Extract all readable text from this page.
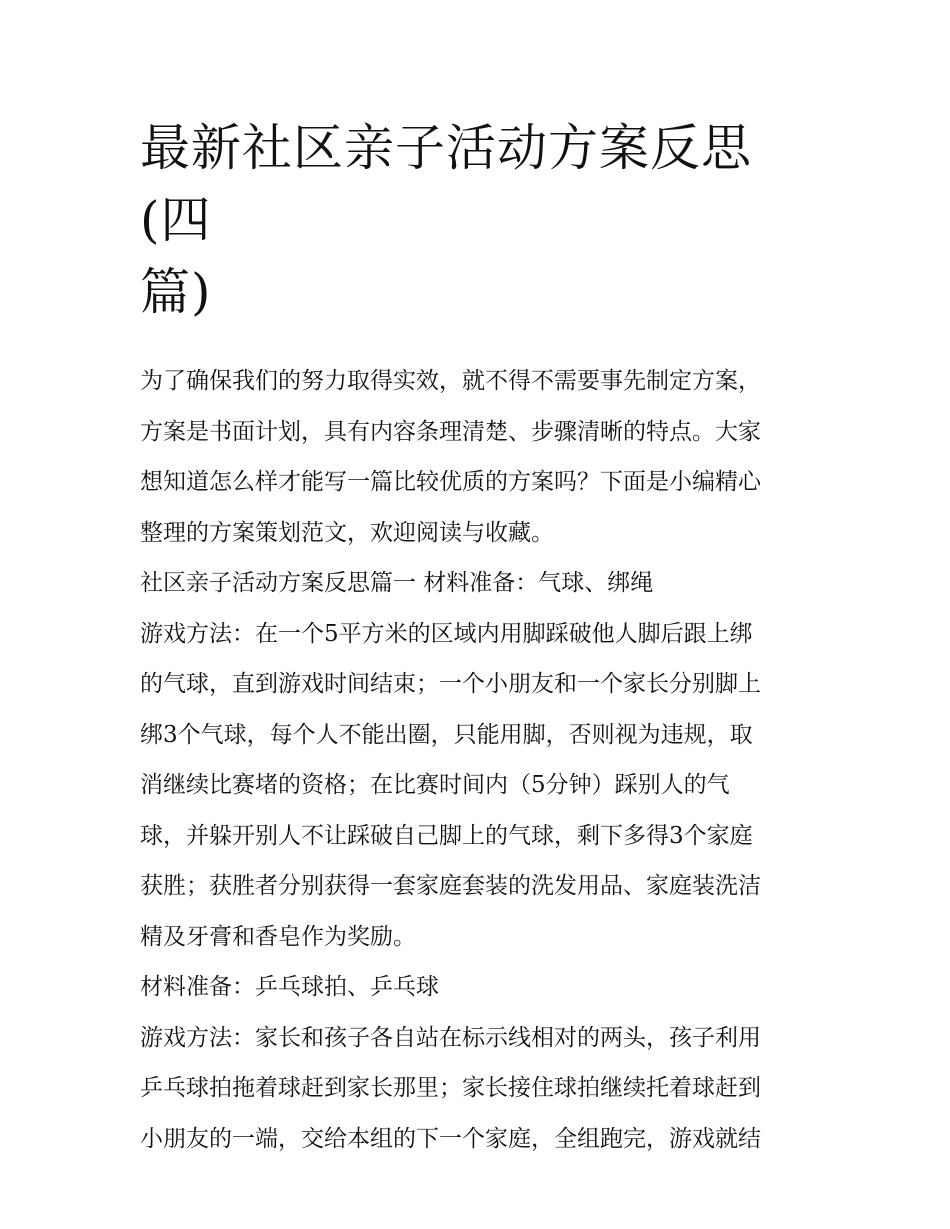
最新社区亲子活动方案反思(四
篇)
为了确保我们的努力取得实效，就不得不需要事先制定方案，
方案是书面计划，具有内容条理清楚、步骤清晰的特点。大家
想知道怎么样才能写一篇比较优质的方案吗？下面是小编精心
整理的方案策划范文，欢迎阅读与收藏。
社区亲子活动方案反思篇一 材料准备：气球、绑绳
游戏方法：在一个5平方米的区域内用脚踩破他人脚后跟上绑
的气球，直到游戏时间结束；一个小朋友和一个家长分别脚上
绑3个气球，每个人不能出圈，只能用脚，否则视为违规，取
消继续比赛堵的资格；在比赛时间内（5分钟）踩别人的气
球，并躲开别人不让踩破自己脚上的气球，剩下多得3个家庭
获胜；获胜者分别获得一套家庭套装的洗发用品、家庭装洗洁
精及牙膏和香皂作为奖励。
材料准备：乒乓球拍、乒乓球
游戏方法：家长和孩子各自站在标示线相对的两头，孩子利用
乒乓球拍拖着球赶到家长那里；家长接住球拍继续托着球赶到
小朋友的一端，交给本组的下一个家庭，全组跑完，游戏就结
